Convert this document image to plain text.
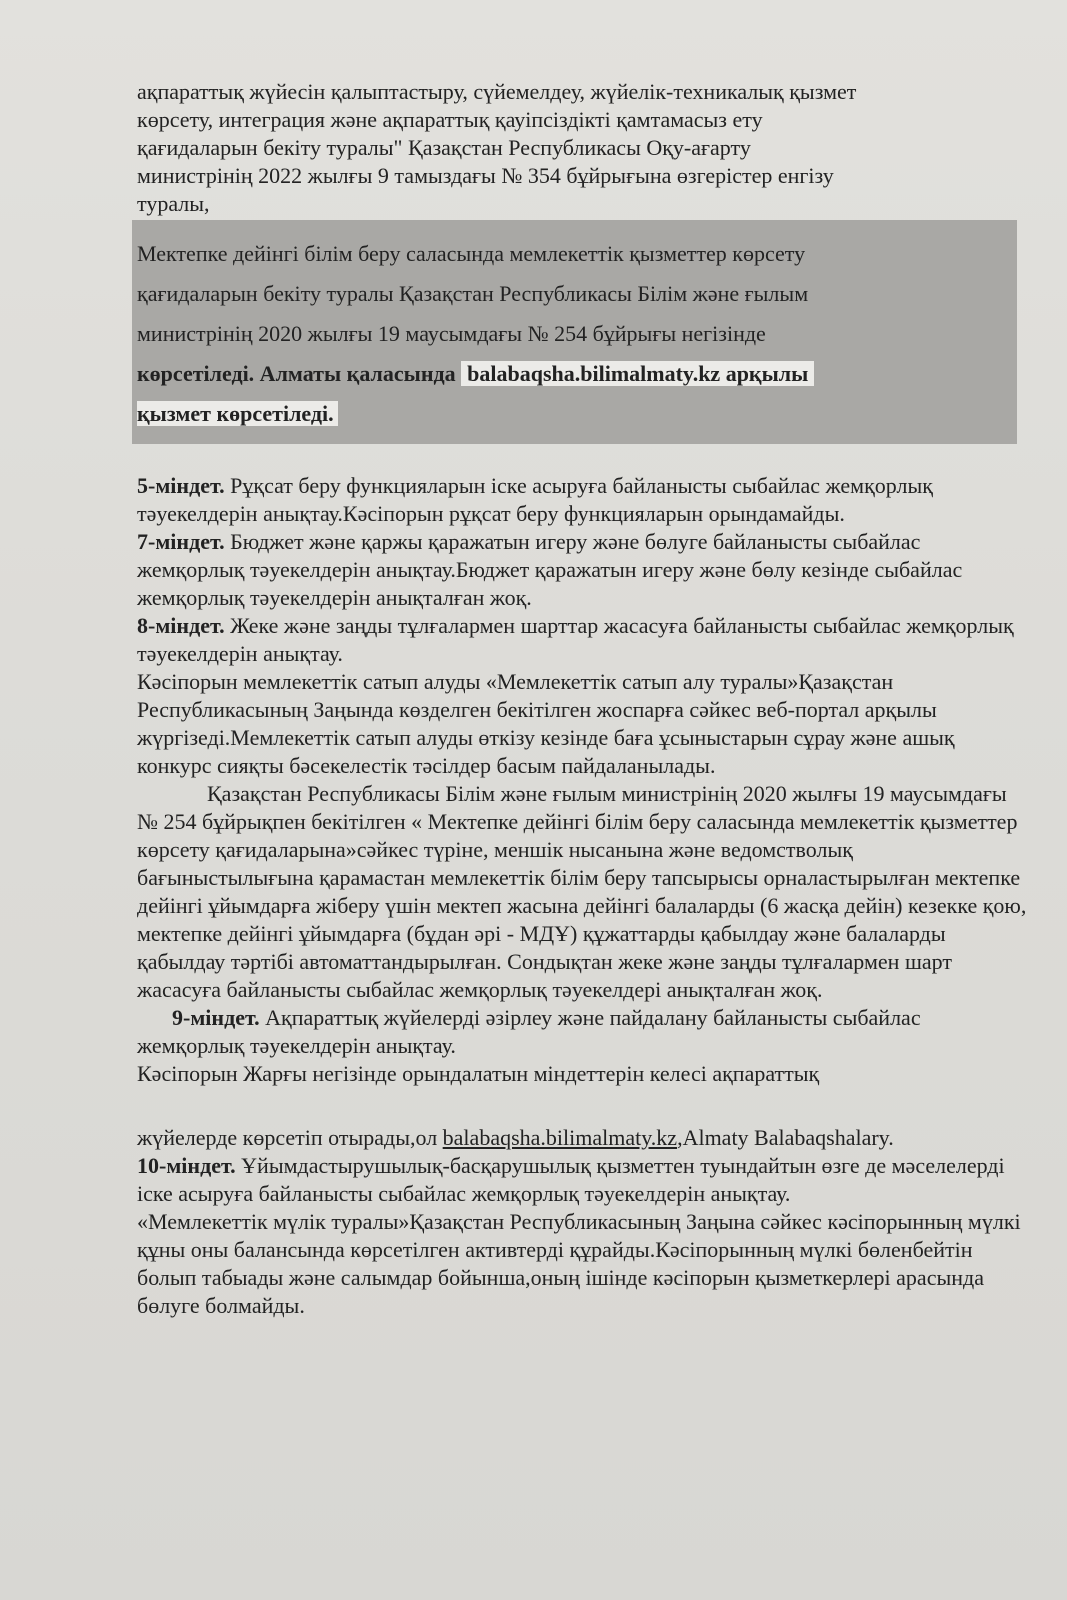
ақпараттық жүйесін қалыптастыру, сүйемелдеу, жүйелік-техникалық қызмет

көрсету, интеграция және ақпараттық қауіпсіздікті қамтамасыз ету

қағидаларын бекіту туралы" Қазақстан Республикасы Оқу-ағарту

министрінің 2022 жылғы 9 тамыздағы № 354 бұйрығына өзгерістер енгізу

туралы,

Мектепке дейінгі білім беру саласында мемлекеттік қызметтер көрсету
қағидаларын бекіту туралы Қазақстан Республикасы Білім және ғылым
министрінің 2020 жылғы 19 маусымдағы № 254 бұйрығы негізінде
көрсетіледі. Алматы қаласында balabaqsha.bilimalmaty.kz арқылы
қызмет көрсетіледі.

5-міндет. Рұқсат беру функцияларын іске асыруға байланысты сыбайлас жемқорлық тәуекелдерін анықтау.Кәсіпорын рұқсат беру функцияларын орындамайды.

7-міндет. Бюджет және қаржы қаражатын игеру және бөлуге байланысты сыбайлас жемқорлық тәуекелдерін анықтау.Бюджет қаражатын игеру және бөлу кезінде сыбайлас жемқорлық тәуекелдерін анықталған жоқ.

8-міндет. Жеке және заңды тұлғалармен шарттар жасасуға байланысты сыбайлас жемқорлық тәуекелдерін анықтау.

Кәсіпорын мемлекеттік сатып алуды «Мемлекеттік сатып алу туралы»Қазақстан Республикасының Заңында көзделген бекітілген жоспарға сәйкес веб-портал арқылы жүргізеді.Мемлекеттік сатып алуды өткізу кезінде баға ұсыныстарын сұрау және ашық конкурс сияқты бәсекелестік тәсілдер басым пайдаланылады.

Қазақстан Республикасы Білім және ғылым министрінің 2020 жылғы 19 маусымдағы № 254 бұйрықпен бекітілген « Мектепке дейінгі білім беру саласында мемлекеттік қызметтер көрсету қағидаларына»сәйкес түріне, меншік нысанына және ведомстволық бағыныстылығына қарамастан мемлекеттік білім беру тапсырысы орналастырылған мектепке дейінгі ұйымдарға жіберу үшін мектеп жасына дейінгі балаларды (6 жасқа дейін) кезекке қою, мектепке дейінгі ұйымдарға (бұдан әрі - МДҰ) құжаттарды қабылдау және балаларды қабылдау тәртібі автоматтандырылған. Сондықтан жеке және заңды тұлғалармен шарт жасасуға байланысты сыбайлас жемқорлық тәуекелдері анықталған жоқ.

9-міндет. Ақпараттық жүйелерді әзірлеу және пайдалану байланысты сыбайлас жемқорлық тәуекелдерін анықтау.

Кәсіпорын Жарғы негізінде орындалатын міндеттерін келесі ақпараттық

жүйелерде көрсетіп отырады,ол balabaqsha.bilimalmaty.kz,Almaty Balabaqshalary.

10-міндет. Ұйымдастырушылық-басқарушылық қызметтен туындайтын өзге де мәселелерді іске асыруға байланысты сыбайлас жемқорлық тәуекелдерін анықтау.

«Мемлекеттік мүлік туралы»Қазақстан Республикасының Заңына сәйкес кәсіпорынның мүлкі құны оны балансында көрсетілген активтерді құрайды.Кәсіпорынның мүлкі бөленбейтін болып табыады және салымдар бойынша,оның ішінде кәсіпорын қызметкерлері арасында бөлуге болмайды.
